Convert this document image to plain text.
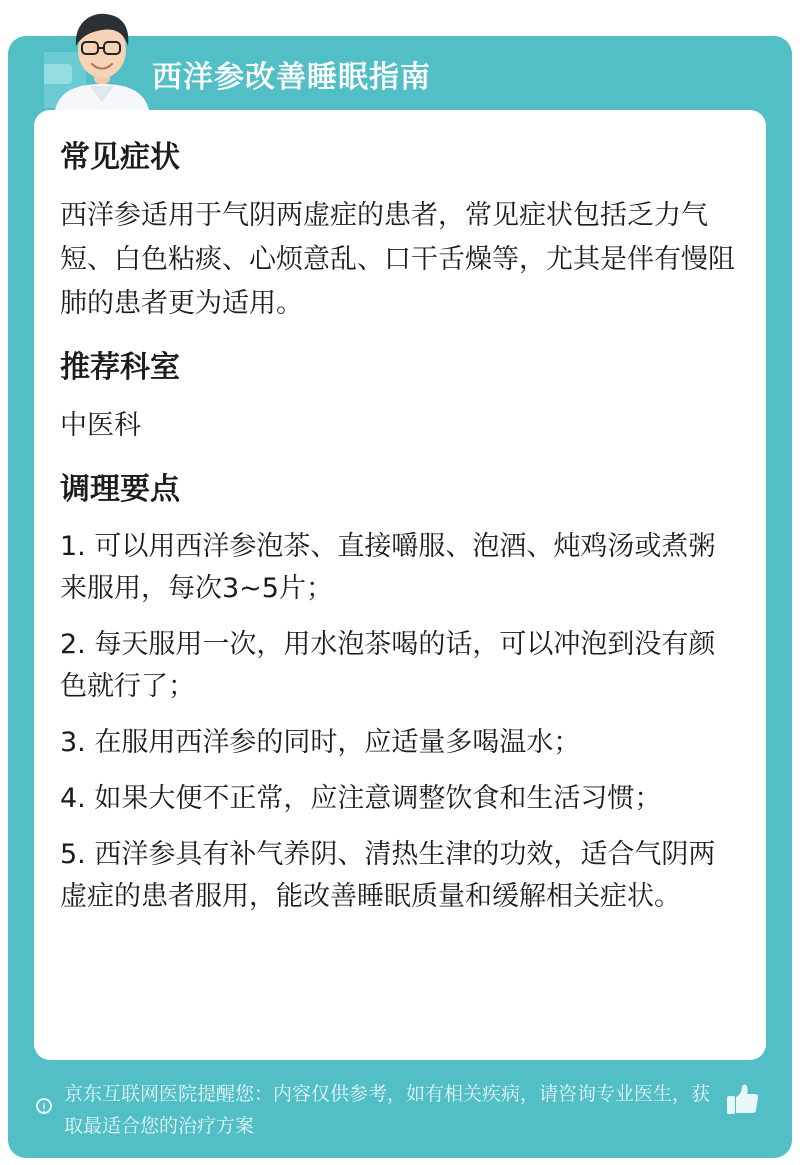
西洋参改善睡眠指南
常见症状

西洋参适用于气阴两虚症的患者，常见症状包括乏力气短、白色粘痰、心烦意乱、口干舌燥等，尤其是伴有慢阻肺的患者更为适用。

推荐科室

中医科

调理要点
1. 可以用西洋参泡茶、直接嚼服、泡酒、炖鸡汤或煮粥来服用，每次3~5片；
2. 每天服用一次，用水泡茶喝的话，可以冲泡到没有颜色就行了；
3. 在服用西洋参的同时，应适量多喝温水；
4. 如果大便不正常，应注意调整饮食和生活习惯；
5. 西洋参具有补气养阴、清热生津的功效，适合气阴两虚症的患者服用，能改善睡眠质量和缓解相关症状。
!
京东互联网医院提醒您：内容仅供参考，如有相关疾病，请咨询专业医生，获取最适合您的治疗方案
